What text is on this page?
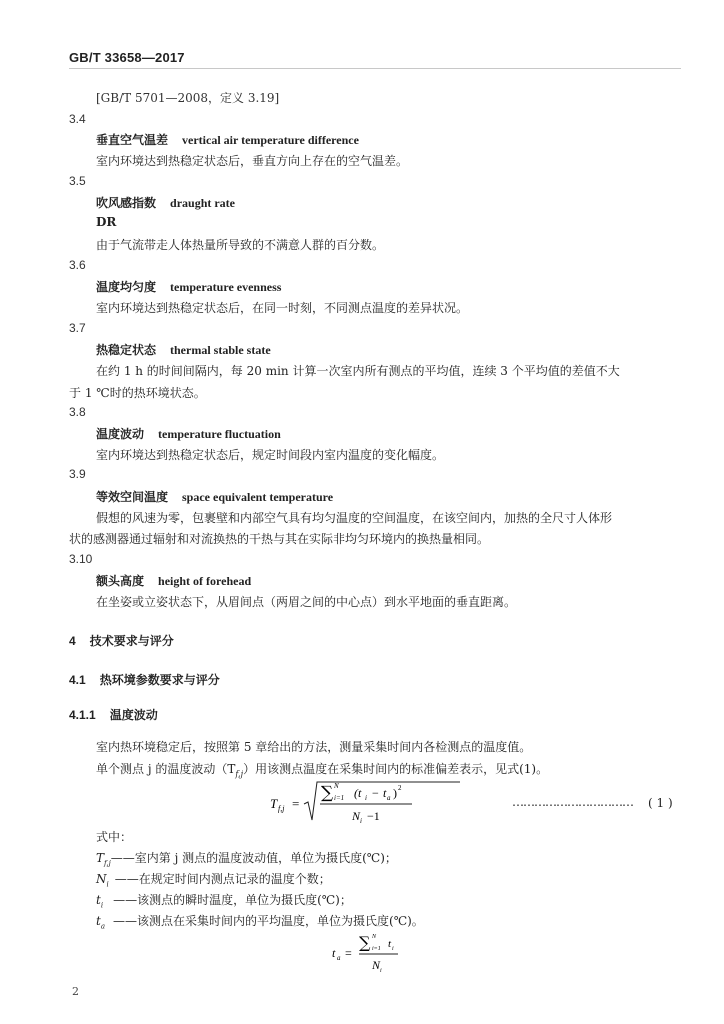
GB/T 33658—2017
[GB/T 5701—2008，定义 3.19]
3.4
垂直空气温差 vertical air temperature difference
室内环境达到热稳定状态后，垂直方向上存在的空气温差。
3.5
吹风感指数 draught rate
DR
由于气流带走人体热量所导致的不满意人群的百分数。
3.6
温度均匀度 temperature evenness
室内环境达到热稳定状态后，在同一时刻，不同测点温度的差异状况。
3.7
热稳定状态 thermal stable state
在约 1 h 的时间间隔内，每 20 min 计算一次室内所有测点的平均值，连续 3 个平均值的差值不大
于 1 ℃时的热环境状态。
3.8
温度波动 temperature fluctuation
室内环境达到热稳定状态后，规定时间段内室内温度的变化幅度。
3.9
等效空间温度 space equivalent temperature
假想的风速为零，包裹壁和内部空气具有均匀温度的空间温度，在该空间内，加热的全尺寸人体形
状的感测器通过辐射和对流换热的干热与其在实际非均匀环境内的换热量相同。
3.10
额头高度 height of forehead
在坐姿或立姿状态下，从眉间点（两眉之间的中心点）到水平地面的垂直距离。
4 技术要求与评分
4.1 热环境参数要求与评分
4.1.1 温度波动
室内热环境稳定后，按照第 5 章给出的方法，测量采集时间内各检测点的温度值。
单个测点 j 的温度波动$(T_{f,j})$用该测点温度在采集时间内的标准偏差表示，见式(1)。
T f,j =
∑ N
i=1 (t i − t a ) 2
N i −1
…………………………… ( 1 )
式中：
$T_{f,j}——$室内第 j 测点的温度波动值，单位为摄氏度(℃)；
$N_i$ ——在规定时间内测点记录的温度个数；
$t_i$ ——该测点的瞬时温度，单位为摄氏度(℃)；
$t_a$ ——该测点在采集时间内的平均温度，单位为摄氏度(℃)。
t a =
∑ N
i=1 t i
N i
2
